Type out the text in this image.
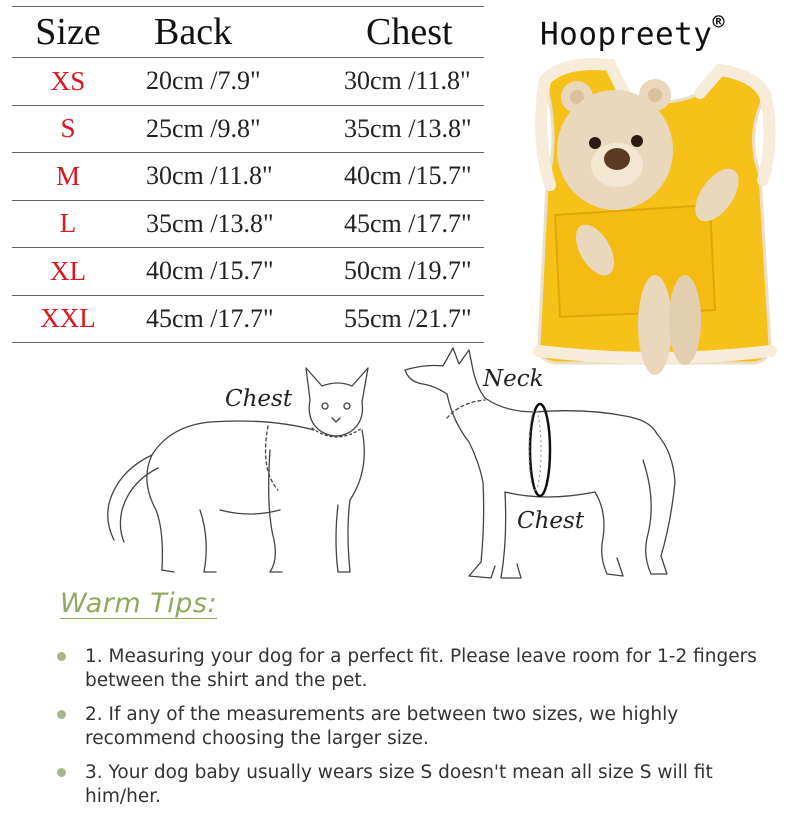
Size	Back	Chest
XS	20cm /7.9"	30cm /11.8"
S	25cm /9.8"	35cm /13.8"
M	30cm /11.8"	40cm /15.7"
L	35cm /13.8"	45cm /17.7"
XL	40cm /15.7"	50cm /19.7"
XXL	45cm /17.7"	55cm /21.7"
Hoopreety®
Chest
Neck
Chest
Warm Tips:
1. Measuring your dog for a perfect fit. Please leave room for 1-2 fingers between the shirt and the pet.
2. If any of the measurements are between two sizes, we highly recommend choosing the larger size.
3. Your dog baby usually wears size S doesn't mean all size S will fit him/her.
